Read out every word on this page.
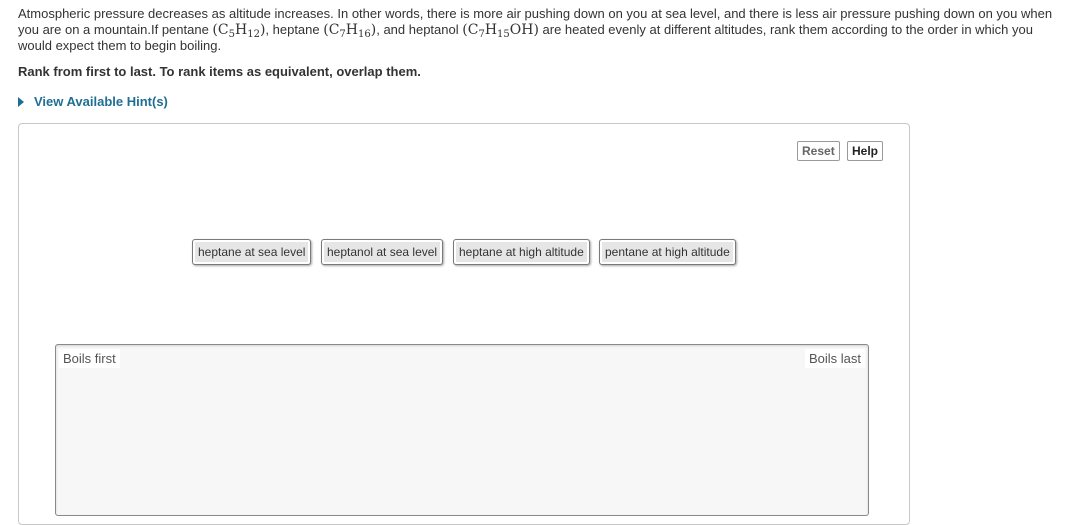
Atmospheric pressure decreases as altitude increases. In other words, there is more air pushing down on you at sea level, and there is less air pressure pushing down on you when you are on a mountain.If pentane $(C_5H_{12})$, heptane $(C_7H_{16})$, and heptanol $(C_7H_{15}OH)$ are heated evenly at different altitudes, rank them according to the order in which you would expect them to begin boiling.
Rank from first to last. To rank items as equivalent, overlap them.
View Available Hint(s)
Reset	Help
heptane at sea level	heptanol at sea level	heptane at high altitude	pentane at high altitude
Boils first	Boils last
